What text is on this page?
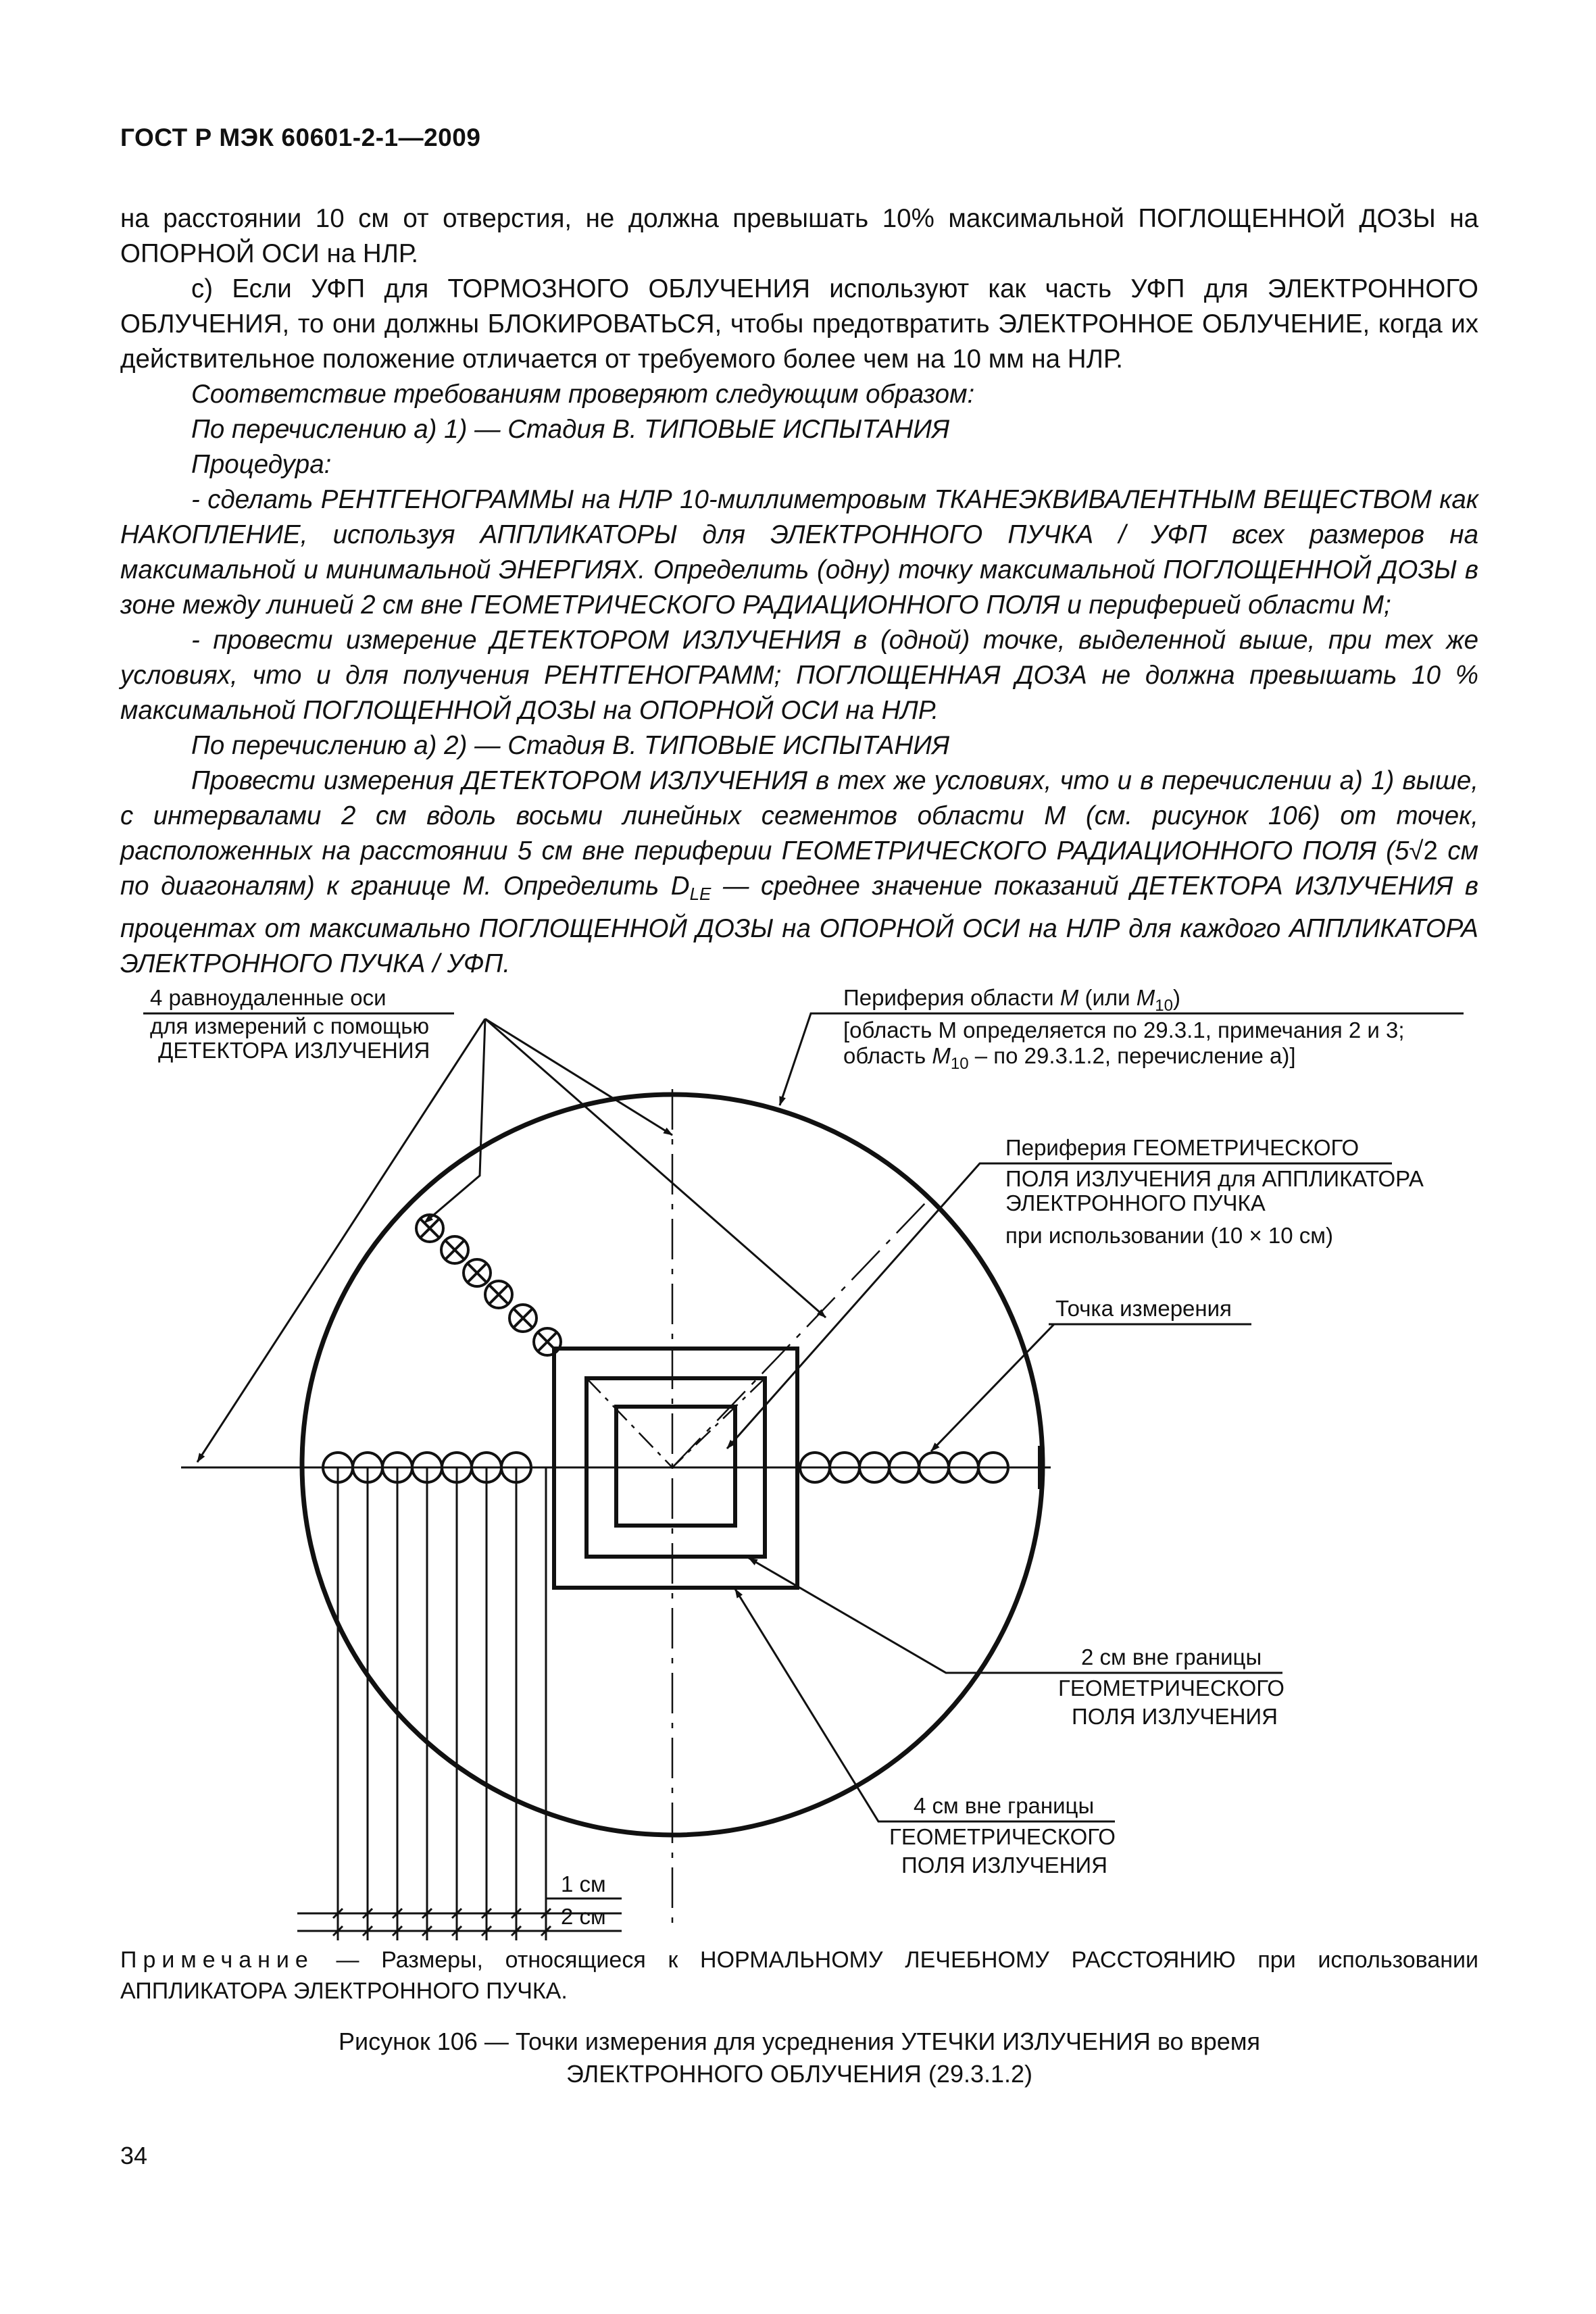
ГОСТ Р МЭК 60601-2-1—2009

на расстоянии 10 см от отверстия, не должна превышать 10% максимальной ПОГЛОЩЕННОЙ ДОЗЫ на ОПОРНОЙ ОСИ на НЛР.

с) Если УФП для ТОРМОЗНОГО ОБЛУЧЕНИЯ используют как часть УФП для ЭЛЕКТРОННОГО ОБЛУЧЕНИЯ, то они должны БЛОКИРОВАТЬСЯ, чтобы предотвратить ЭЛЕКТРОННОЕ ОБЛУЧЕНИЕ, когда их действительное положение отличается от требуемого более чем на 10 мм на НЛР.

Соответствие требованиям проверяют следующим образом:

По перечислению а) 1) — Стадия В. ТИПОВЫЕ ИСПЫТАНИЯ

Процедура:

- сделать РЕНТГЕНОГРАММЫ на НЛР 10-миллиметровым ТКАНЕЭКВИВАЛЕНТНЫМ ВЕЩЕСТВОМ как НАКОПЛЕНИЕ, используя АППЛИКАТОРЫ для ЭЛЕКТРОННОГО ПУЧКА / УФП всех размеров на максимальной и минимальной ЭНЕРГИЯХ. Определить (одну) точку максимальной ПОГЛОЩЕННОЙ ДОЗЫ в зоне между линией 2 см вне ГЕОМЕТРИЧЕСКОГО РАДИАЦИОННОГО ПОЛЯ и периферией области М;

- провести измерение ДЕТЕКТОРОМ ИЗЛУЧЕНИЯ в (одной) точке, выделенной выше, при тех же условиях, что и для получения РЕНТГЕНОГРАММ; ПОГЛОЩЕННАЯ ДОЗА не должна превышать 10 % максимальной ПОГЛОЩЕННОЙ ДОЗЫ на ОПОРНОЙ ОСИ на НЛР.

По перечислению а) 2) — Стадия В. ТИПОВЫЕ ИСПЫТАНИЯ

Провести измерения ДЕТЕКТОРОМ ИЗЛУЧЕНИЯ в тех же условиях, что и в перечислении а) 1) выше, с интервалами 2 см вдоль восьми линейных сегментов области М (см. рисунок 106) от точек, расположенных на расстоянии 5 см вне периферии ГЕОМЕТРИЧЕСКОГО РАДИАЦИОННОГО ПОЛЯ (5√2 см по диагоналям) к границе М. Определить $D_{LE}$ — среднее значение показаний ДЕТЕКТОРА ИЗЛУЧЕНИЯ в процентах от максимально ПОГЛОЩЕННОЙ ДОЗЫ на ОПОРНОЙ ОСИ на НЛР для каждого АППЛИКАТОРА ЭЛЕКТРОННОГО ПУЧКА / УФП.

4 равноудаленные оси
для измерений с помощью
ДЕТЕКТОРА ИЗЛУЧЕНИЯ
Периферия области М (или $М_{10}$)
[область М определяется по 29.3.1, примечания 2 и 3;
область $М_{10}$ – по 29.3.1.2, перечисление а)]
Периферия ГЕОМЕТРИЧЕСКОГО
ПОЛЯ ИЗЛУЧЕНИЯ для АППЛИКАТОРА
ЭЛЕКТРОННОГО ПУЧКА
при использовании (10 × 10 см)
Точка измерения
2 см вне границы
ГЕОМЕТРИЧЕСКОГО
ПОЛЯ ИЗЛУЧЕНИЯ
4 см вне границы
ГЕОМЕТРИЧЕСКОГО
ПОЛЯ ИЗЛУЧЕНИЯ
1 см
2 см
Примечание — Размеры, относящиеся к НОРМАЛЬНОМУ ЛЕЧЕБНОМУ РАССТОЯНИЮ при использовании АППЛИКАТОРА ЭЛЕКТРОННОГО ПУЧКА.
Рисунок 106 — Точки измерения для усреднения УТЕЧКИ ИЗЛУЧЕНИЯ во время
ЭЛЕКТРОННОГО ОБЛУЧЕНИЯ (29.3.1.2)
34
